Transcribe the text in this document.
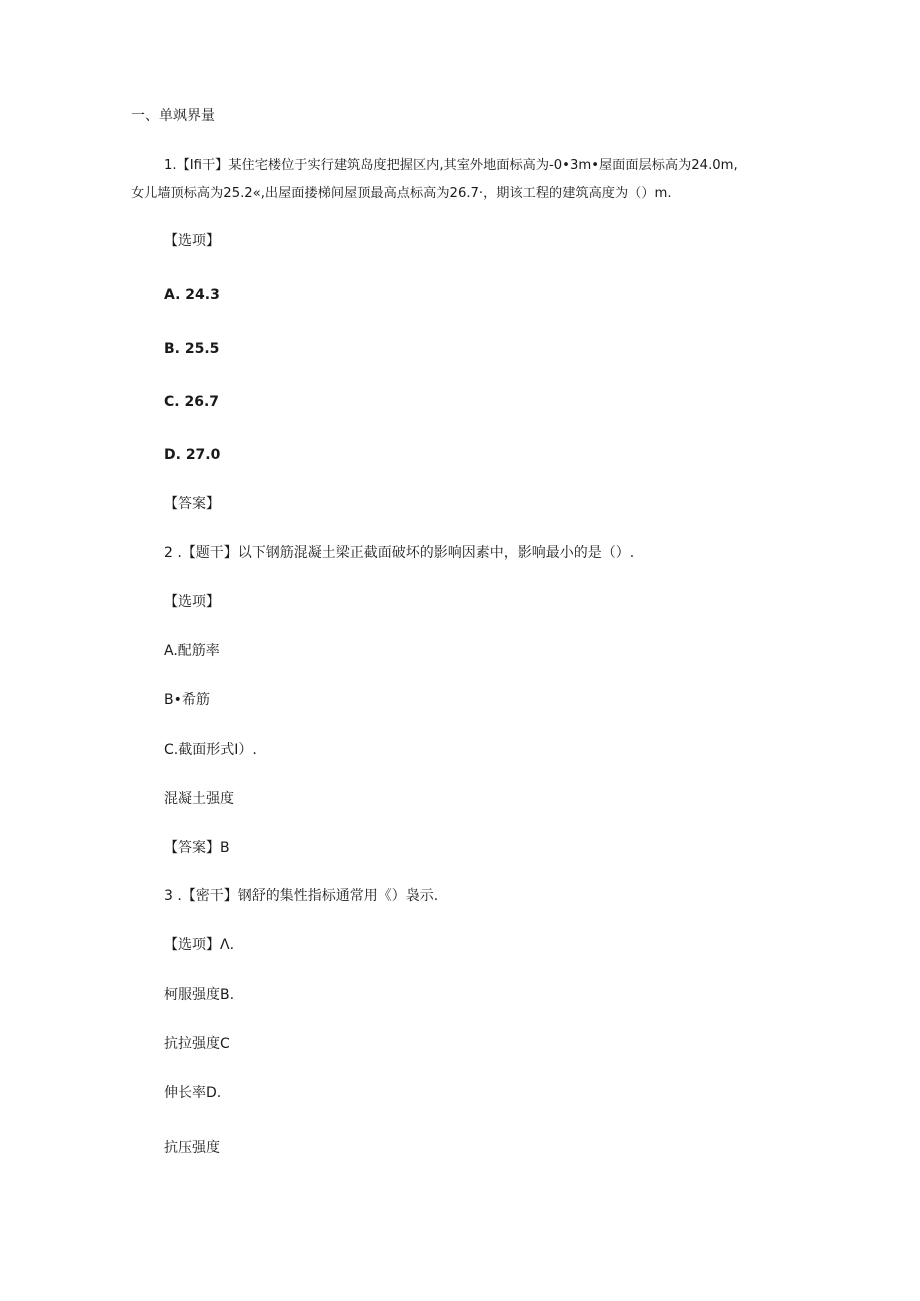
一、单飒界量
1.【Ifi干】某住宅楼位于实行建筑岛度把握区内,其室外地面标高为-0•3m•屋面面层标高为24.0m,
女儿墙顶标高为25.2«,出屋面搂梯间屋顶最高点标高为26.7·，期该工程的建筑高度为（）m.
【选项】
A. 24.3
B. 25.5
C. 26.7
D. 27.0
【答案】
2 .【题干】以下钢筋混凝土梁正截面破坏的影响因素中，影响最小的是（）.
【选项】
A.配筋率
B•希筋
C.截面形式I）.
混凝土强度
【答案】B
3 .【密干】钢舒的集性指标通常用《）袅示.
【选项】Λ.
柯服强度B.
抗拉强度C
伸长率D.
抗压强度
